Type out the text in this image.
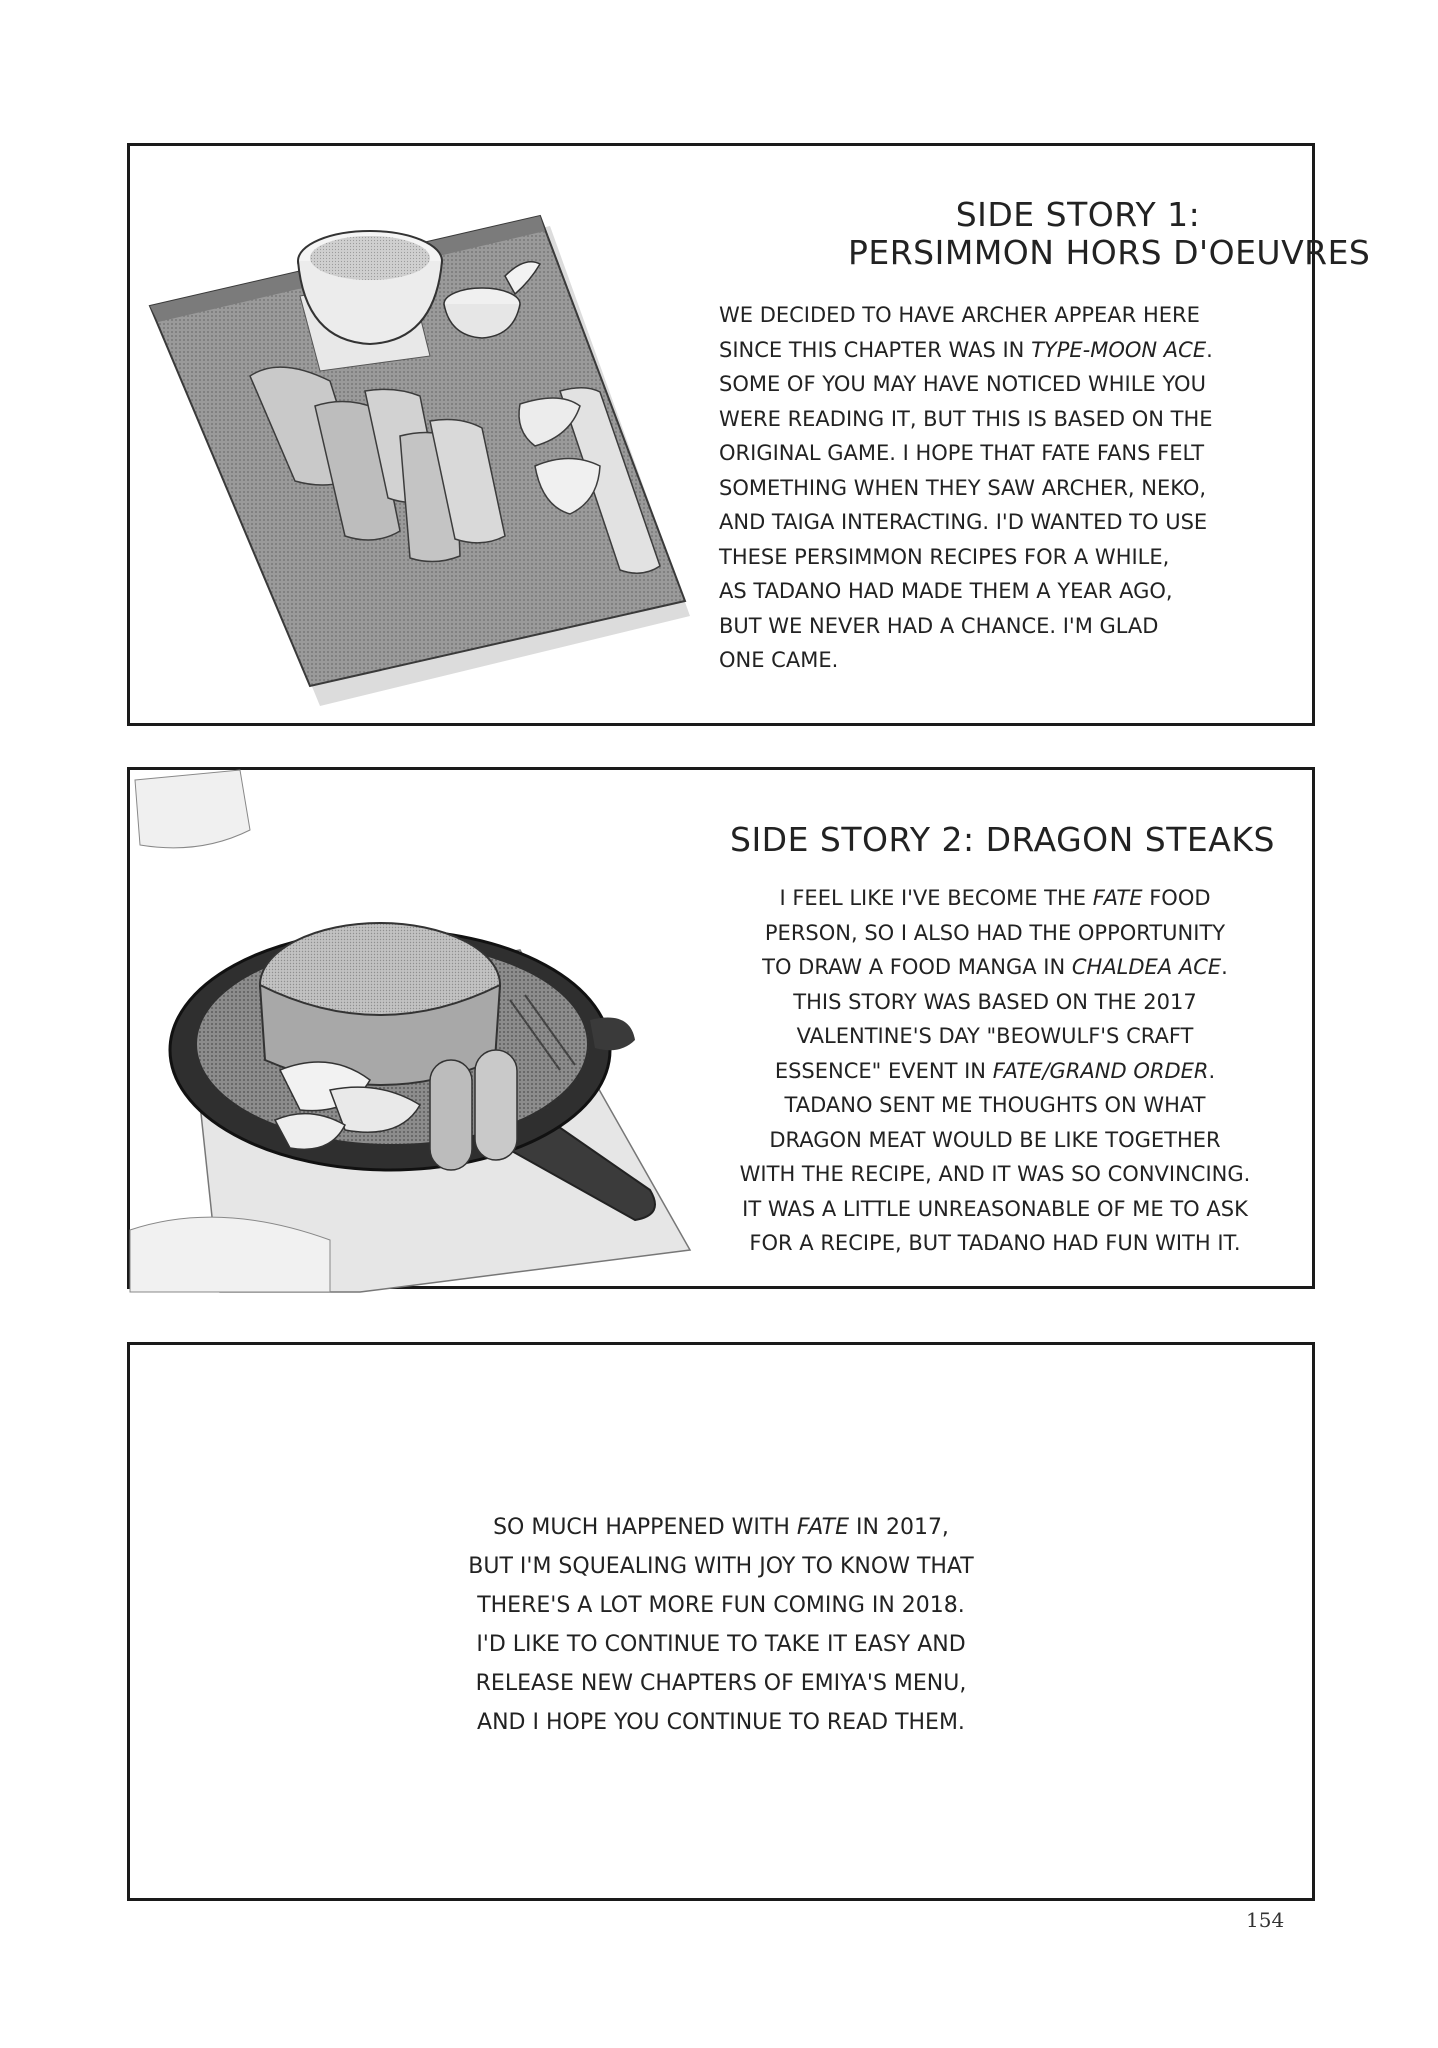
SIDE STORY 1:
PERSIMMON HORS D'OEUVRES
WE DECIDED TO HAVE ARCHER APPEAR HERE
SINCE THIS CHAPTER WAS IN TYPE-MOON ACE.
SOME OF YOU MAY HAVE NOTICED WHILE YOU
WERE READING IT, BUT THIS IS BASED ON THE
ORIGINAL GAME. I HOPE THAT FATE FANS FELT
SOMETHING WHEN THEY SAW ARCHER, NEKO,
AND TAIGA INTERACTING. I'D WANTED TO USE
THESE PERSIMMON RECIPES FOR A WHILE,
AS TADANO HAD MADE THEM A YEAR AGO,
BUT WE NEVER HAD A CHANCE. I'M GLAD
ONE CAME.
SIDE STORY 2: DRAGON STEAKS
I FEEL LIKE I'VE BECOME THE FATE FOOD
PERSON, SO I ALSO HAD THE OPPORTUNITY
TO DRAW A FOOD MANGA IN CHALDEA ACE.
THIS STORY WAS BASED ON THE 2017
VALENTINE'S DAY "BEOWULF'S CRAFT
ESSENCE" EVENT IN FATE/GRAND ORDER.
TADANO SENT ME THOUGHTS ON WHAT
DRAGON MEAT WOULD BE LIKE TOGETHER
WITH THE RECIPE, AND IT WAS SO CONVINCING.
IT WAS A LITTLE UNREASONABLE OF ME TO ASK
FOR A RECIPE, BUT TADANO HAD FUN WITH IT.
SO MUCH HAPPENED WITH FATE IN 2017,
BUT I'M SQUEALING WITH JOY TO KNOW THAT
THERE'S A LOT MORE FUN COMING IN 2018.
I'D LIKE TO CONTINUE TO TAKE IT EASY AND
RELEASE NEW CHAPTERS OF EMIYA'S MENU,
AND I HOPE YOU CONTINUE TO READ THEM.
154
